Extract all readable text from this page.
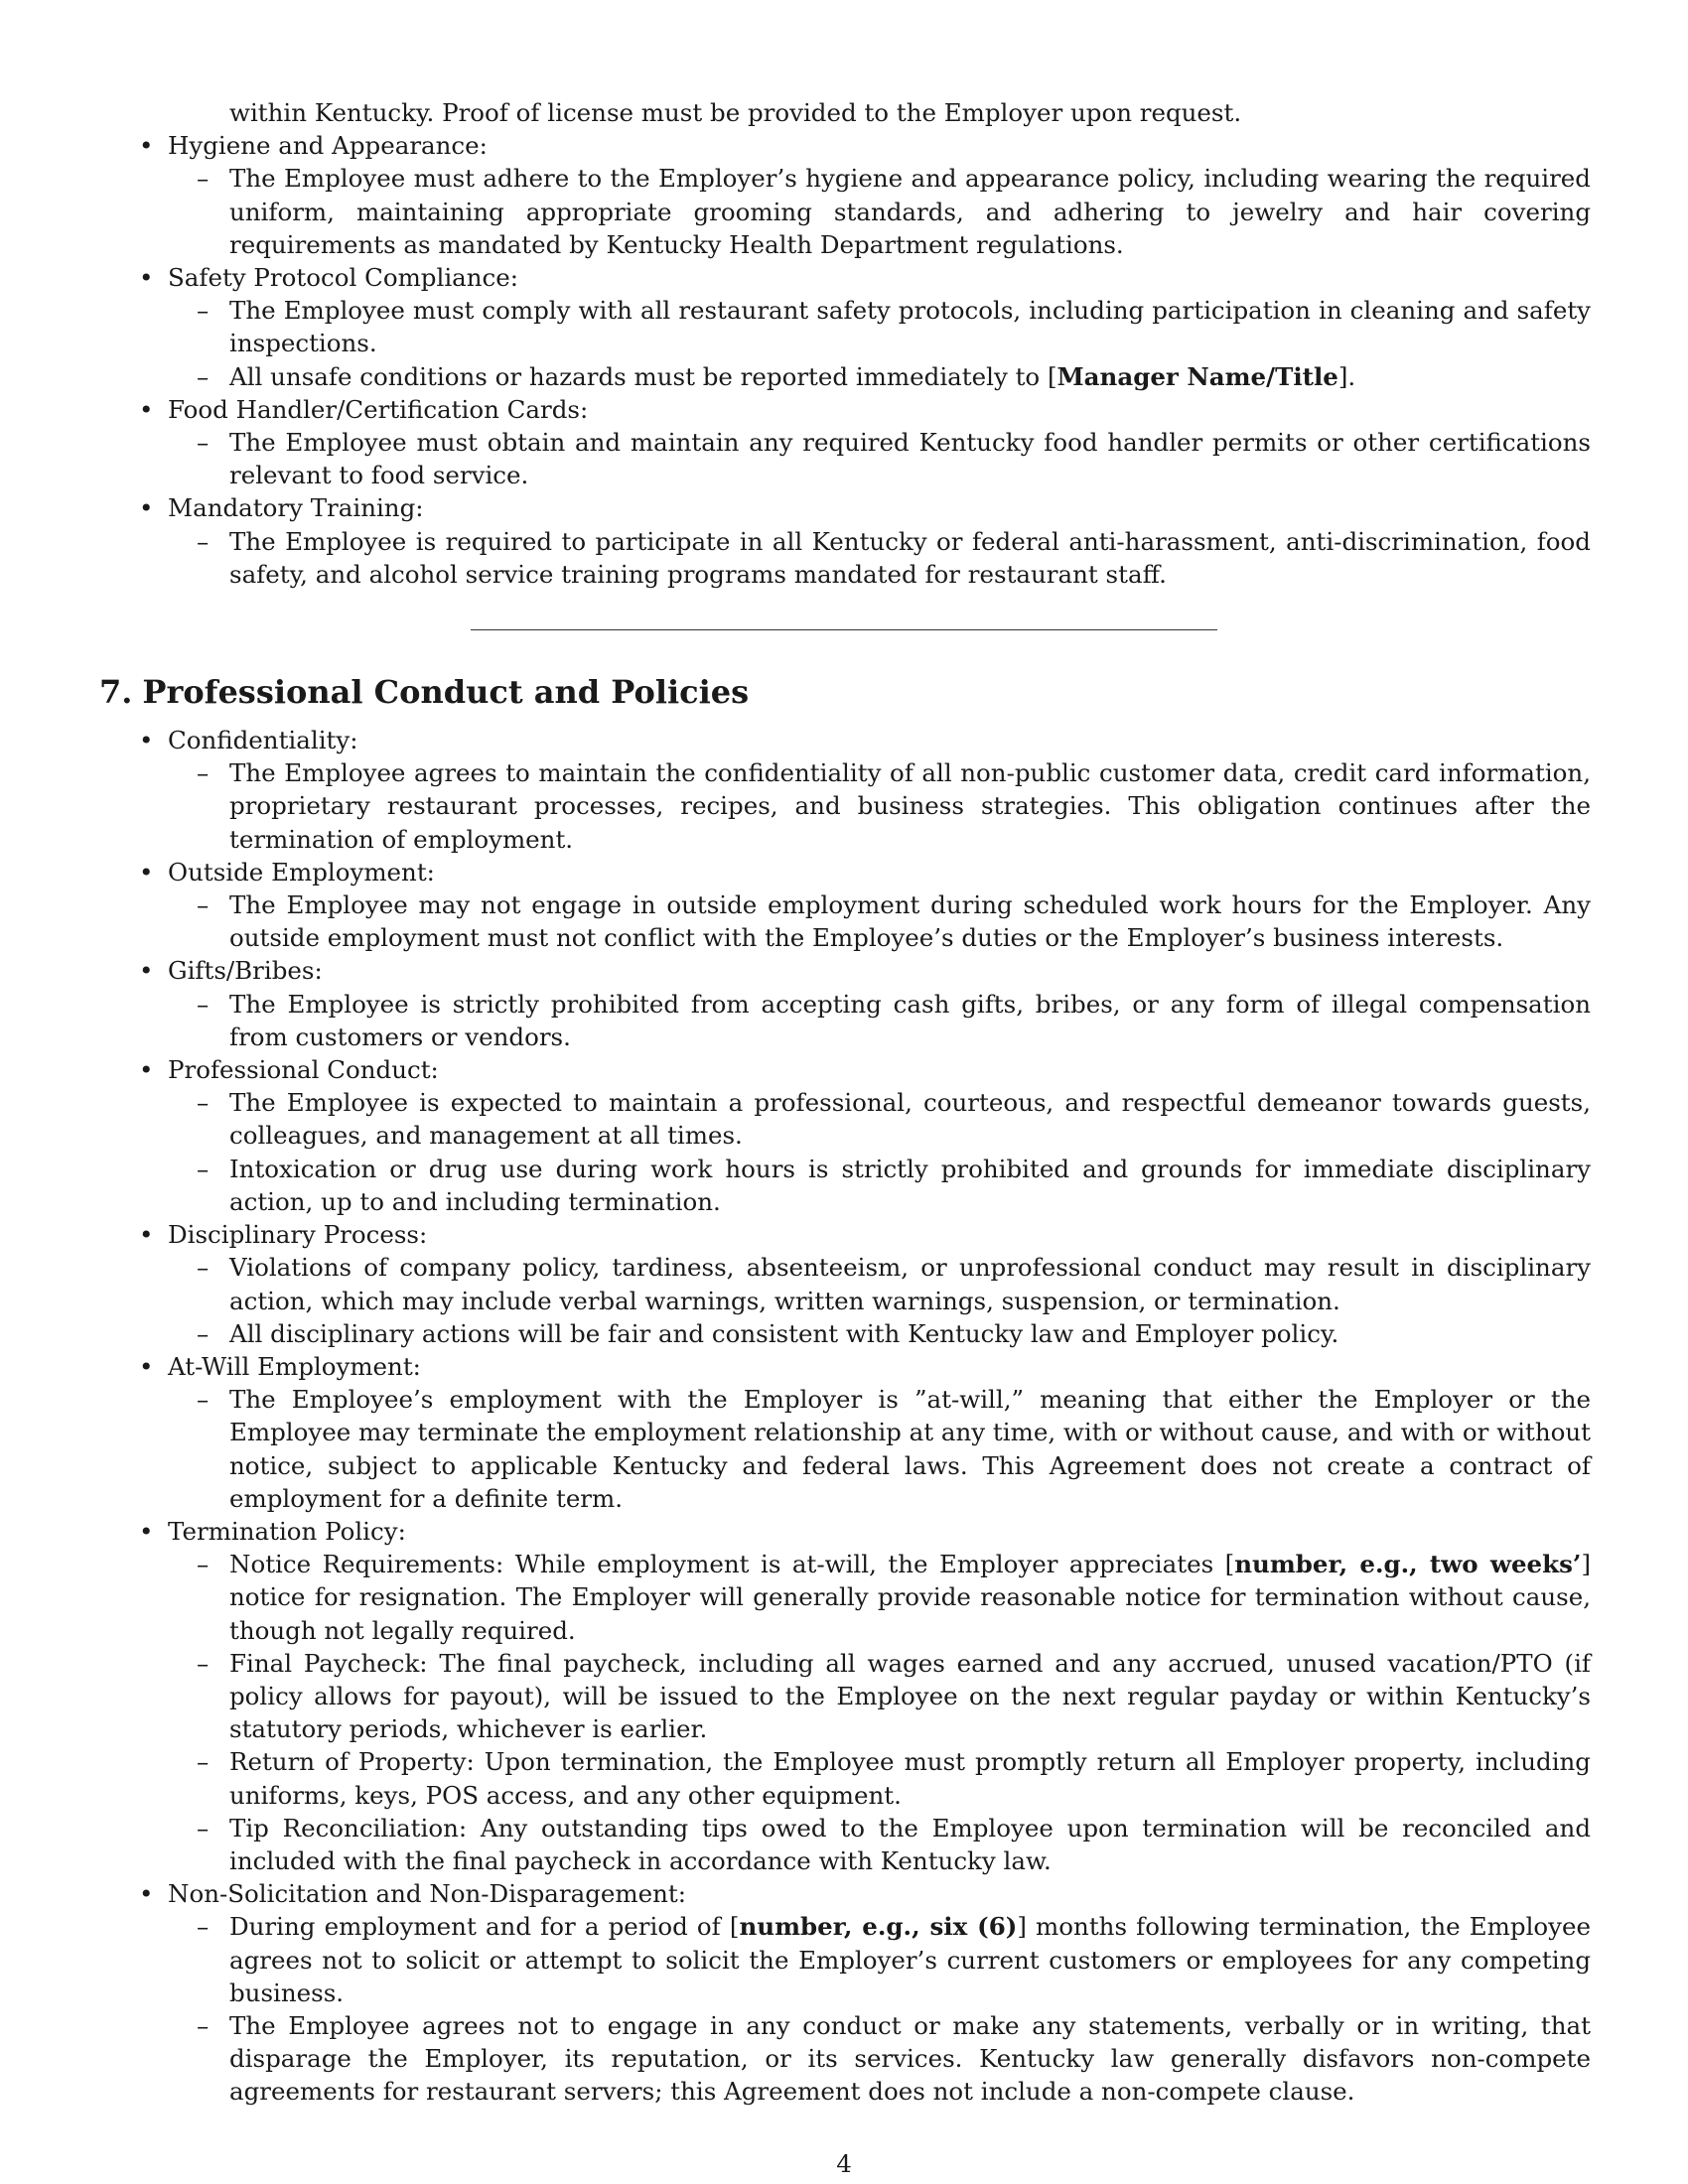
within Kentucky. Proof of license must be provided to the Employer upon request.
• Hygiene and Appearance:
– The Employee must adhere to the Employer’s hygiene and appearance policy, including wearing the required uniform, maintaining appropriate grooming standards, and adhering to jewelry and hair covering requirements as mandated by Kentucky Health Department regulations.
• Safety Protocol Compliance:
– The Employee must comply with all restaurant safety protocols, including participation in cleaning and safety inspections.
– All unsafe conditions or hazards must be reported immediately to [Manager Name/Title].
• Food Handler/Certification Cards:
– The Employee must obtain and maintain any required Kentucky food handler permits or other certifications relevant to food service.
• Mandatory Training:
– The Employee is required to participate in all Kentucky or federal anti-harassment, anti-discrimination, food safety, and alcohol service training programs mandated for restaurant staff.
7. Professional Conduct and Policies
• Confidentiality:
– The Employee agrees to maintain the confidentiality of all non-public customer data, credit card information, proprietary restaurant processes, recipes, and business strategies. This obligation continues after the termination of employment.
• Outside Employment:
– The Employee may not engage in outside employment during scheduled work hours for the Employer. Any outside employment must not conflict with the Employee’s duties or the Employer’s business interests.
• Gifts/Bribes:
– The Employee is strictly prohibited from accepting cash gifts, bribes, or any form of illegal compensation from customers or vendors.
• Professional Conduct:
– The Employee is expected to maintain a professional, courteous, and respectful demeanor towards guests, colleagues, and management at all times.
– Intoxication or drug use during work hours is strictly prohibited and grounds for immediate disciplinary action, up to and including termination.
• Disciplinary Process:
– Violations of company policy, tardiness, absenteeism, or unprofessional conduct may result in disciplinary action, which may include verbal warnings, written warnings, suspension, or termination.
– All disciplinary actions will be fair and consistent with Kentucky law and Employer policy.
• At-Will Employment:
– The Employee’s employment with the Employer is ”at-will,” meaning that either the Employer or the Employee may terminate the employment relationship at any time, with or without cause, and with or without notice, subject to applicable Kentucky and federal laws. This Agreement does not create a contract of employment for a definite term.
• Termination Policy:
– Notice Requirements: While employment is at-will, the Employer appreciates [number, e.g., two weeks’] notice for resignation. The Employer will generally provide reasonable notice for termination without cause, though not legally required.
– Final Paycheck: The final paycheck, including all wages earned and any accrued, unused vacation/PTO (if policy allows for payout), will be issued to the Employee on the next regular payday or within Kentucky’s statutory periods, whichever is earlier.
– Return of Property: Upon termination, the Employee must promptly return all Employer property, including uniforms, keys, POS access, and any other equipment.
– Tip Reconciliation: Any outstanding tips owed to the Employee upon termination will be reconciled and included with the final paycheck in accordance with Kentucky law.
• Non-Solicitation and Non-Disparagement:
– During employment and for a period of [number, e.g., six (6)] months following termination, the Employee agrees not to solicit or attempt to solicit the Employer’s current customers or employees for any competing business.
– The Employee agrees not to engage in any conduct or make any statements, verbally or in writing, that disparage the Employer, its reputation, or its services. Kentucky law generally disfavors non-compete agreements for restaurant servers; this Agreement does not include a non-compete clause.
4
